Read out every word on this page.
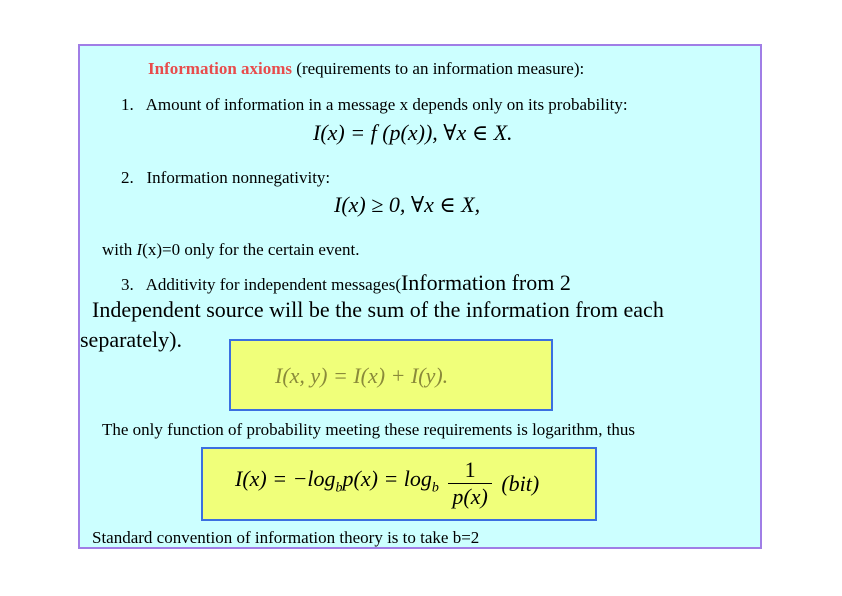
Information axioms (requirements to an information measure):
1. Amount of information in a message x depends only on its probability:
I(x) = f (p(x)), ∀x ∈ X.
2. Information nonnegativity:
I(x) ≥ 0, ∀x ∈ X,
with I(x)=0 only for the certain event.
3. Additivity for independent messages(Information from 2
Independent source will be the sum of the information from each
separately).
I(x, y) = I(x) + I(y).
The only function of probability meeting these requirements is logarithm, thus
$I(x) = -\log_bp(x) = \log_b \frac{1}{p(x)} (bit)$
Standard convention of information theory is to take b=2
